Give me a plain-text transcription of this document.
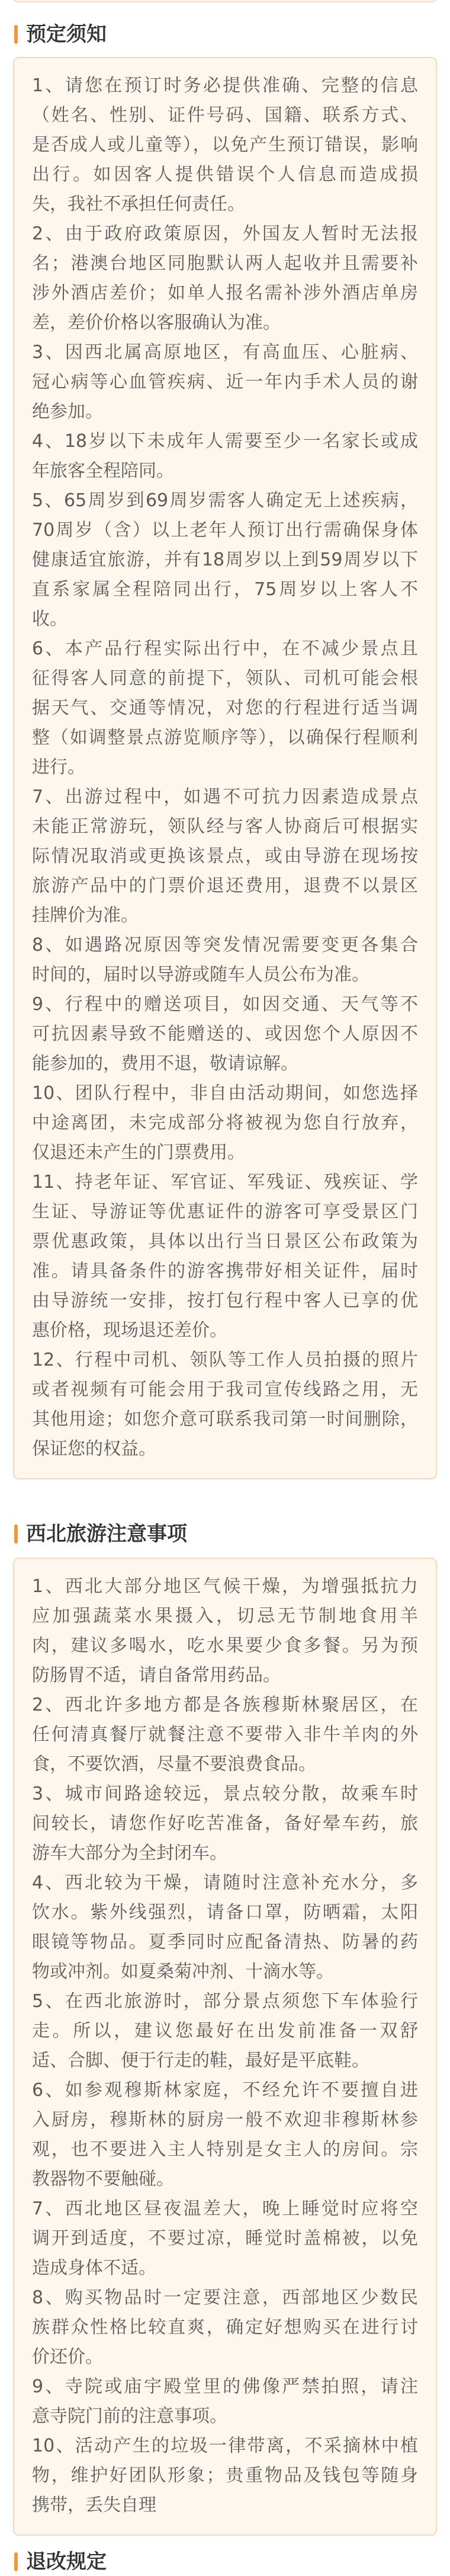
预定须知
1、请您在预订时务必提供准确、完整的信息
（姓名、性别、证件号码、国籍、联系方式、
是否成人或儿童等），以免产生预订错误，影响
出行。如因客人提供错误个人信息而造成损
失，我社不承担任何责任。
2、由于政府政策原因，外国友人暂时无法报
名；港澳台地区同胞默认两人起收并且需要补
涉外酒店差价；如单人报名需补涉外酒店单房
差，差价价格以客服确认为准。
3、因西北属高原地区，有高血压、心脏病、
冠心病等心血管疾病、近一年内手术人员的谢
绝参加。
4、18岁以下未成年人需要至少一名家长或成
年旅客全程陪同。
5、65周岁到69周岁需客人确定无上述疾病，
70周岁（含）以上老年人预订出行需确保身体
健康适宜旅游，并有18周岁以上到59周岁以下
直系家属全程陪同出行，75周岁以上客人不
收。
6、本产品行程实际出行中，在不减少景点且
征得客人同意的前提下，领队、司机可能会根
据天气、交通等情况，对您的行程进行适当调
整（如调整景点游览顺序等），以确保行程顺利
进行。
7、出游过程中，如遇不可抗力因素造成景点
未能正常游玩，领队经与客人协商后可根据实
际情况取消或更换该景点，或由导游在现场按
旅游产品中的门票价退还费用，退费不以景区
挂牌价为准。
8、如遇路况原因等突发情况需要变更各集合
时间的，届时以导游或随车人员公布为准。
9、行程中的赠送项目，如因交通、天气等不
可抗因素导致不能赠送的、或因您个人原因不
能参加的，费用不退，敬请谅解。
10、团队行程中，非自由活动期间，如您选择
中途离团，未完成部分将被视为您自行放弃，
仅退还未产生的门票费用。
11、持老年证、军官证、军残证、残疾证、学
生证、导游证等优惠证件的游客可享受景区门
票优惠政策，具体以出行当日景区公布政策为
准。请具备条件的游客携带好相关证件，届时
由导游统一安排，按打包行程中客人已享的优
惠价格，现场退还差价。
12、行程中司机、领队等工作人员拍摄的照片
或者视频有可能会用于我司宣传线路之用，无
其他用途；如您介意可联系我司第一时间删除，
保证您的权益。
西北旅游注意事项
1、西北大部分地区气候干燥，为增强抵抗力
应加强蔬菜水果摄入，切忌无节制地食用羊
肉，建议多喝水，吃水果要少食多餐。另为预
防肠胃不适，请自备常用药品。
2、西北许多地方都是各族穆斯林聚居区，在
任何清真餐厅就餐注意不要带入非牛羊肉的外
食，不要饮酒，尽量不要浪费食品。
3、城市间路途较远，景点较分散，故乘车时
间较长，请您作好吃苦准备，备好晕车药，旅
游车大部分为全封闭车。
4、西北较为干燥，请随时注意补充水分，多
饮水。紫外线强烈，请备口罩，防晒霜，太阳
眼镜等物品。夏季同时应配备清热、防暑的药
物或冲剂。如夏桑菊冲剂、十滴水等。
5、在西北旅游时，部分景点须您下车体验行
走。所以，建议您最好在出发前准备一双舒
适、合脚、便于行走的鞋，最好是平底鞋。
6、如参观穆斯林家庭，不经允许不要擅自进
入厨房，穆斯林的厨房一般不欢迎非穆斯林参
观，也不要进入主人特别是女主人的房间。宗
教器物不要触碰。
7、西北地区昼夜温差大，晚上睡觉时应将空
调开到适度，不要过凉，睡觉时盖棉被，以免
造成身体不适。
8、购买物品时一定要注意，西部地区少数民
族群众性格比较直爽，确定好想购买在进行讨
价还价。
9、寺院或庙宇殿堂里的佛像严禁拍照，请注
意寺院门前的注意事项。
10、活动产生的垃圾一律带离，不采摘林中植
物，维护好团队形象；贵重物品及钱包等随身
携带，丢失自理
退改规定
